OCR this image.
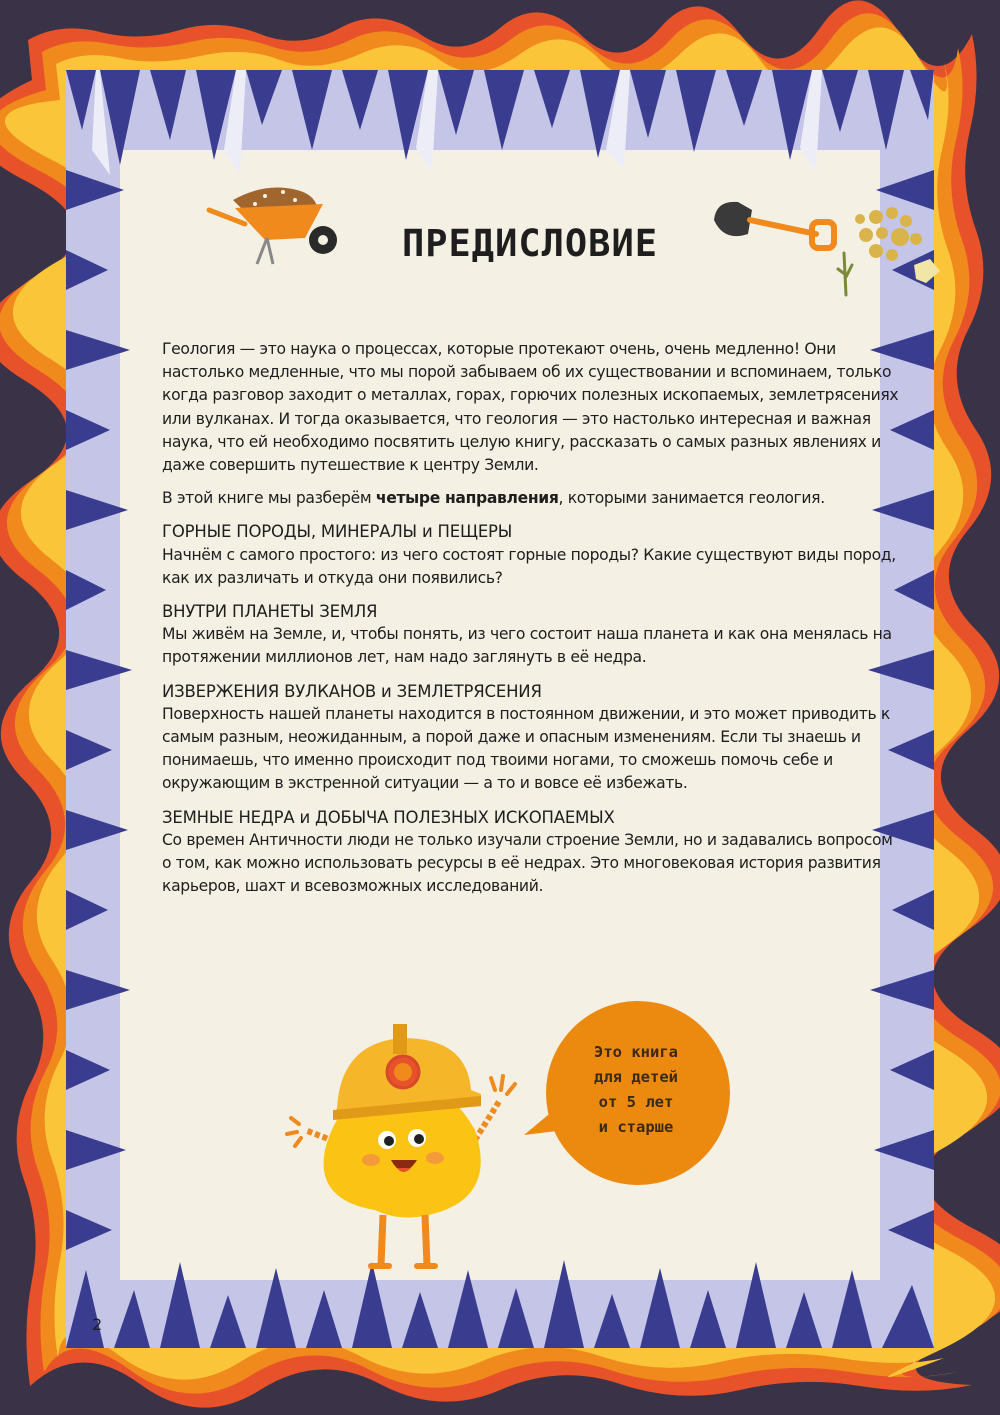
ПРЕДИСЛОВИЕ

Геология — это наука о процессах, которые протекают очень, очень медленно! Они настолько медленные, что мы порой забываем об их существовании и вспоминаем, только когда разговор заходит о металлах, горах, горючих полезных ископаемых, землетрясениях или вулканах. И тогда оказывается, что геология — это настолько интересная и важная наука, что ей необходимо посвятить целую книгу, рассказать о самых разных явлениях и даже совершить путешествие к центру Земли.

В этой книге мы разберём четыре направления, которыми занимается геология.

ГОРНЫЕ ПОРОДЫ, МИНЕРАЛЫ и ПЕЩЕРЫ

Начнём с самого простого: из чего состоят горные породы? Какие существуют виды пород, как их различать и откуда они появились?

ВНУТРИ ПЛАНЕТЫ ЗЕМЛЯ

Мы живём на Земле, и, чтобы понять, из чего состоит наша планета и как она менялась на протяжении миллионов лет, нам надо заглянуть в её недра.

ИЗВЕРЖЕНИЯ ВУЛКАНОВ и ЗЕМЛЕТРЯСЕНИЯ

Поверхность нашей планеты находится в постоянном движении, и это может приводить к самым разным, неожиданным, а порой даже и опасным изменениям. Если ты знаешь и понимаешь, что именно происходит под твоими ногами, то сможешь помочь себе и окружающим в экстренной ситуации — а то и вовсе её избежать.

ЗЕМНЫЕ НЕДРА и ДОБЫЧА ПОЛЕЗНЫХ ИСКОПАЕМЫХ

Со времен Античности люди не только изучали строение Земли, но и задавались вопросом о том, как можно использовать ресурсы в её недрах. Это многовековая история развития карьеров, шахт и всевозможных исследований.

Это книга
для детей
от 5 лет
и старше
2
